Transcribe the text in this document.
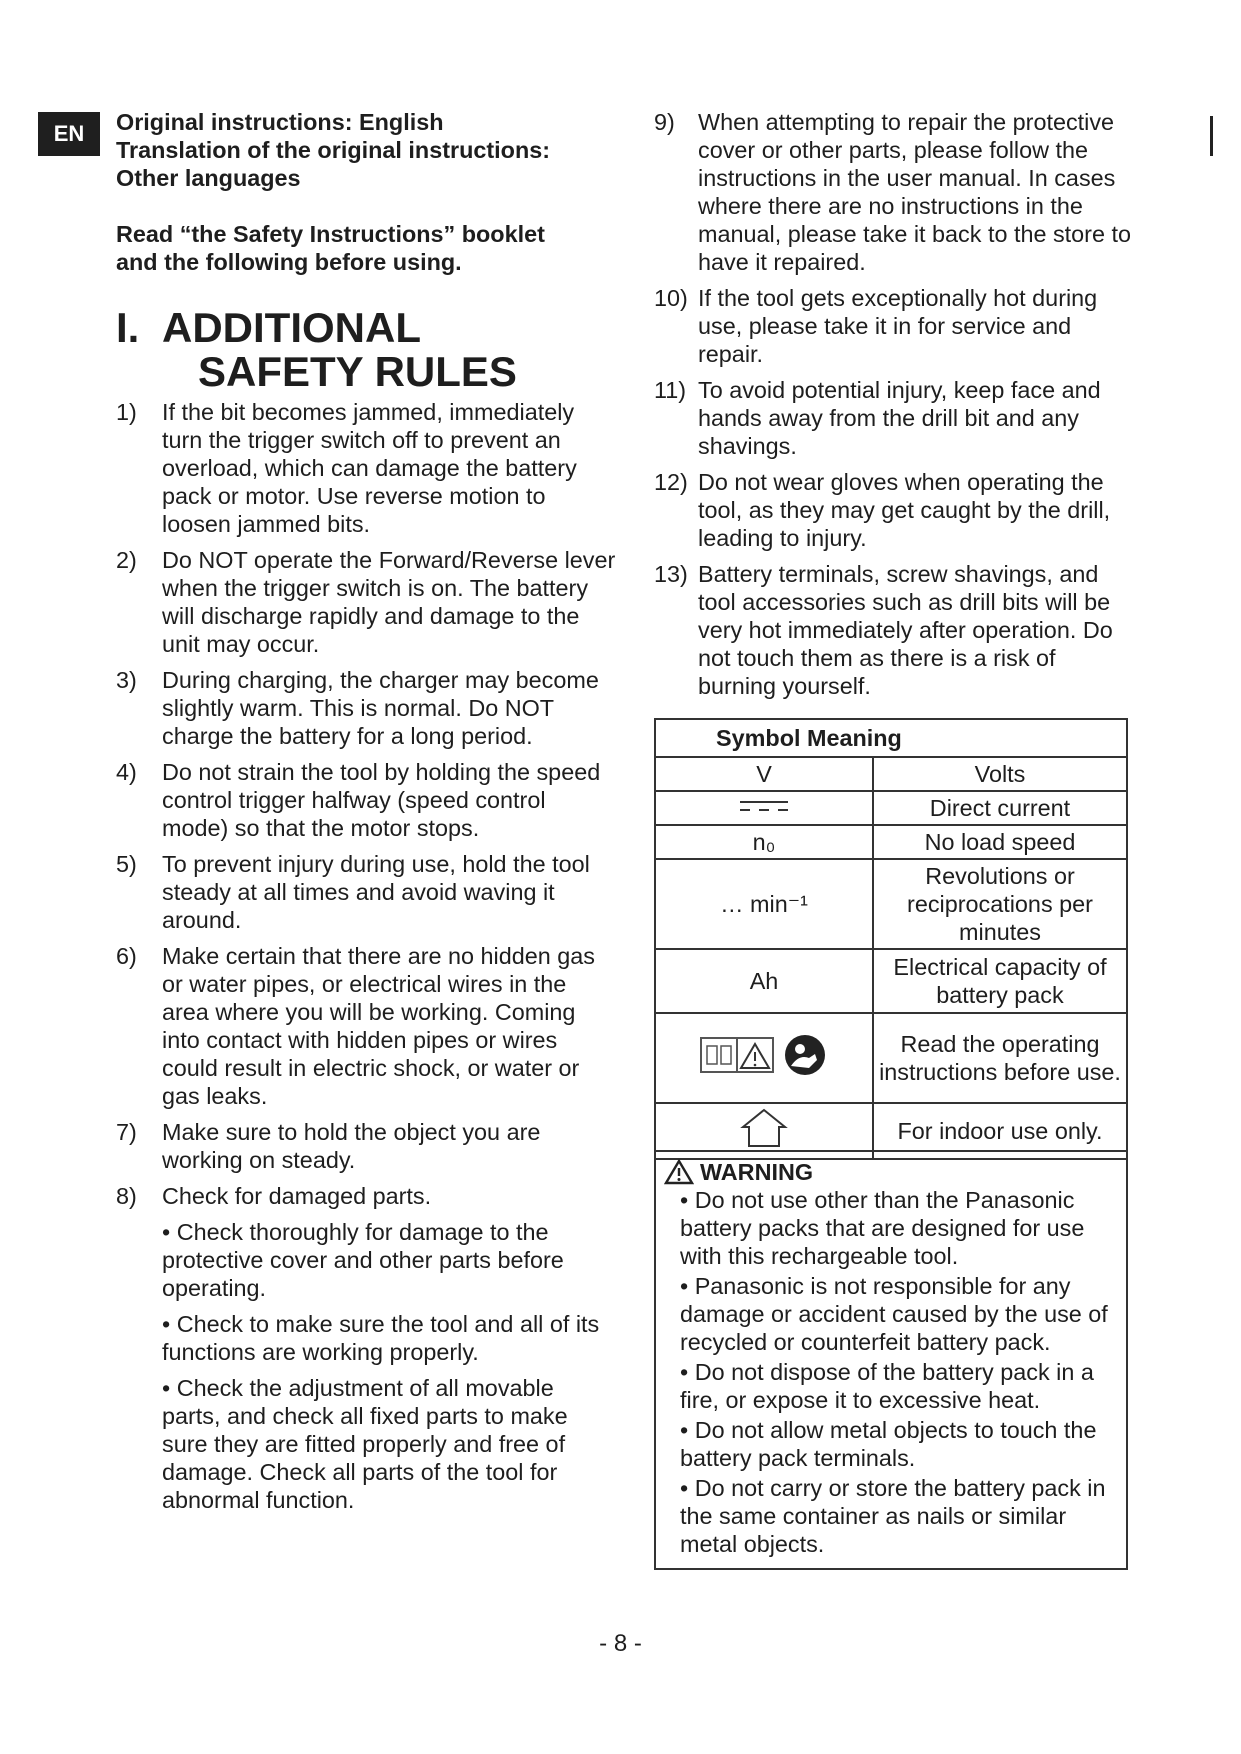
EN	Original instructions: English

Translation of the original instructions:

Other languages

Read “the Safety Instructions” booklet

and the following before using.

I. ADDITIONAL
SAFETY RULES
1) If the bit becomes jammed, immediately turn the trigger switch off to prevent an overload, which can damage the battery pack or motor. Use reverse motion to loosen jammed bits.
2) Do NOT operate the Forward/Reverse lever when the trigger switch is on. The battery will discharge rapidly and damage to the unit may occur.
3) During charging, the charger may become slightly warm. This is normal. Do NOT charge the battery for a long period.
4) Do not strain the tool by holding the speed control trigger halfway (speed control mode) so that the motor stops.
5) To prevent injury during use, hold the tool steady at all times and avoid waving it around.
6) Make certain that there are no hidden gas or water pipes, or electrical wires in the area where you will be working. Coming into contact with hidden pipes or wires could result in electric shock, or water or gas leaks.
7) Make sure to hold the object you are working on steady.
8) Check for damaged parts.

• Check thoroughly for damage to the protective cover and other parts before operating.

• Check to make sure the tool and all of its functions are working properly.

• Check the adjustment of all movable parts, and check all fixed parts to make sure they are fitted properly and free of damage. Check all parts of the tool for abnormal function.

9) When attempting to repair the protective cover or other parts, please follow the instructions in the user manual. In cases where there are no instructions in the manual, please take it back to the store to have it repaired.
10) If the tool gets exceptionally hot during use, please take it in for service and repair.
11) To avoid potential injury, keep face and hands away from the drill bit and any shavings.
12) Do not wear gloves when operating the tool, as they may get caught by the drill, leading to injury.
13) Battery terminals, screw shavings, and tool accessories such as drill bits will be very hot immediately after operation. Do not touch them as there is a risk of burning yourself.
Symbol Meaning	
V	Volts
	Direct current
n₀	No load speed
… min⁻¹	Revolutions or reciprocations per minutes
Ah	Electrical capacity of battery pack
	Read the operating instructions before use.
	For indoor use only.
WARNING

• Do not use other than the Panasonic battery packs that are designed for use with this rechargeable tool.

• Panasonic is not responsible for any damage or accident caused by the use of recycled or counterfeit battery pack.

• Do not dispose of the battery pack in a fire, or expose it to excessive heat.

• Do not allow metal objects to touch the battery pack terminals.

• Do not carry or store the battery pack in the same container as nails or similar metal objects.

- 8 -
